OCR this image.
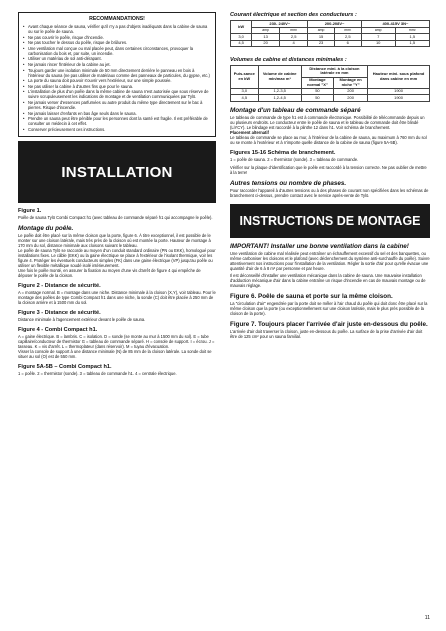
RECOMMANDATIONS!
• Avant chaque séance de sauna, vérifier qu'il n'y a pas d'objets inadéquats dans la cabine de sauna ou sur le poêle de sauna.
• Ne pas couvrir le poêle, risque d'incendie.
• Ne pas toucher le dessus du poêle, risque de brûlures.
• Une ventilation mal conçue ou mal placée peut, dans certaines circonstances, provoquer la carbonisation du bois et, par suite, un incendie.
• Utiliser un matériau de sol anti-dérapant.
• Ne jamais rincer l'intérieur de la cabine au jet.
• Toujours garder une isolation minimale de 50 mm directement derrière le panneau en bois à l'intérieur du sauna (ne pas utiliser de matériaux comme des panneaux de particules, du gypse, etc.)
• La porte du sauna doit pouvoir s'ouvrir vers l'extérieur, sur une simple poussée.
• Ne pas utiliser la cabine à d'autres fins que pour le sauna.
• L'installation de plus d'un poêle dans la même cabine de sauna n'est autorisée que sous réserve de suivre scrupuleusement les indications de montage et de ventilation communiquées par Tylö.
• Ne jamais verser d'essences parfumées ou autre produit du même type directement sur le bac à pierres. Risque d'incendie.
• Ne jamais laisser d'enfants en bas âge seuls dans le sauna.
• Prendre un sauna peut être pénible pour les personnes dont la santé est fragile. Il est préférable de consulter un médecin à cet effet.
• Conserver précieusement ces instructions.
INSTALLATION
Figure 1.

Poêle de sauna Tylö Combi Compact h1 (avec tableau de commande séparé h1 qui accompagne le poêle).

Montage du poêle.

Le poêle doit être placé sur la même cloison que la porte, figure 6. À titre exceptionnel, il est possible de le monter sur une cloison latérale, mais très près de la cloison où est montée la porte. Hauteur de montage à 170 mm du sol, distance minimale aux cloisons suivant le tableau.

Le poêle de sauna Tylö se raccorde au moyen d'un conduit standard ordinaire (PN ou EKK), homologué pour installations fixes. Le câble (EKK) ou la gaine électrique se place à l'extérieur de l'isolant thermique, voir les figure 4. Protéger les éventuels conducteurs simples (FK) dans une gaine électrique (VP) jusqu'au poêle ou utiliser un flexible métallique soudé isolé intérieurement.

Une fois le poêle monté, en assurer la fixation au moyen d'une vis d'arrêt de figure 4 qui empêche de déposer le poêle de la cloison.

Figure 2 - Distance de sécurité.

A = montage normal. B = montage dans une niche. Distance minimale à la cloison (X,Y), voir tableau. Pour le montage des poêles de type Combi Compact h1 dans une niche, la sonde (C) doit être placée à 250 mm de la cloison arrière et à 1500 mm du sol.

Figure 3 - Distance de sécurité.

Distance minimale à l'agencement extérieur devant le poêle de sauna.

Figure 4 - Combi Compact h1.

A = gaine électrique. B = lambris. C = isolation. D = sonde (se monte au mur à 1500 mm du sol). E = tube capillaire/conducteur de thermistor G = tableau de commande séparé. H = console de support. I = écrou. J = tasseau. K = vis d'arrêt. L = thermoplateur (dans réservoir). M = tuyau d'évacuation.

Visser la console de support à une distance minimale (N) de 85 mm de la cloison latérale. La sonde doit se situer au sol (O) est de 550 mm.

Figure 5A-5B – Combi Compact h1.

1 = poêle. 2 = thermistor (sonde). 3 = tableau de commande h1. 4 = centrale électrique.

Courant électrique et section des conducteurs :
kW	230- 240V~		200-208V~		400-415V 3N~	
	amp	mm²	amp	mm²	amp	mm²
3,0	13	2,5	15	2,5	7	1,5
4,5	20	4	23	6	10	1,5
Volumes de cabine et distances minimales :
Puis-sance en kW	Volume de cabine min/max m³	Distance mini. à la cloison latérale en mm		Hauteur mini. sous plafond dans cabine en mm
		Montage normal "X"	Montage en niche "Y"	
3,0	1,2-3,5	50	200	1900
4,5	1,2-4,5	50	200	1900
Montage d'un tableau de commande séparé

Le tableau de commande de type h1 est à commande électronique. Possibilité de télécommande depuis un ou plusieurs endroits. Le conducteur entre le poêle de sauna et le tableau de commande doit être blindé (LiYCY). Le blindage est raccordé à la plinthe 12 dans h1. Voir schéma de branchement.

Placement alternatif

Le tableau de commande se place au mur, à l'intérieur de la cabine de sauna, au maximum à 760 mm du sol ou se monte à l'extérieur et à n'importe quelle distance de la cabine de sauna (figure 5A-5B).

Figures 15-16 Schéma de branchement.

1 = poêle de sauna. 2 = thermistor (sonde). 3 = tableau de commande.

Vérifier sur la plaque d'identification que le poêle est raccordé à la tension correcte. Ne pas oublier de mettre à la terre!

Autres tensions ou nombre de phases.

Pour raccorder l'appareil à d'autres tensions ou à des phases de courant non spécifiées dans les schémas de branchement ci-dessus, prendre contact avec le service après-vente de Tylö.

INSTRUCTIONS DE MONTAGE
IMPORTANT! Installer une bonne ventilation dans la cabine!

Une ventilation de cabine mal réalisée peut entraîner un échauffement excessif du sel et des banquettes, ou même carboniser les cloisons et le plafond (avec déclenchement du système anti-surchauffe du poêle). Suivre attentivement nos instructions pour l'installation de la ventilation. Régler la sortie d'air pour qu'elle évacue une quantité d'air de 6 à 8 m³ par personne et par heure.

Il est déconseillé d'installer une ventilation mécanique dans la cabine de sauna. Une mauvaise installation d'adduction mécanique d'air dans la cabine entraîne un risque d'incendie en cas de mauvais montage ou de mauvais réglage.

Figure 6. Poêle de sauna et porte sur la même cloison.

La "circulation d'air" engendrée par la porte doit se mêler à l'air chaud du poêle qui doit donc être placé sur la même cloison que la porte (ou exceptionnellement sur une cloison latérale, mais le plus près possible de la cloison de la porte).

Figure 7. Toujours placer l'arrivée d'air juste en-dessous du poêle.

L'arrivée d'air doit traverser la cloison, juste en-dessous du poêle. La surface de la prise d'arrivée d'air doit être de 125 cm² pour un sauna familial.

11
